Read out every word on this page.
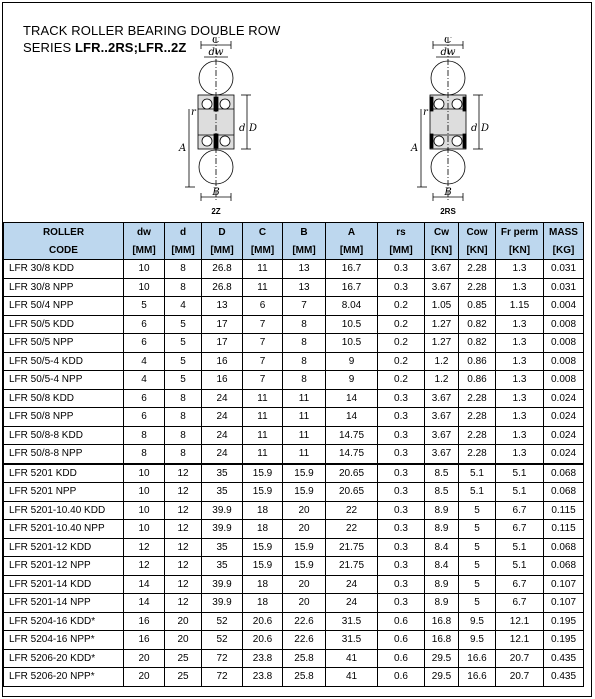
TRACK ROLLER BEARING DOUBLE ROW
SERIES LFR..2RS;LFR..2Z	C
dw
r
d D
A
B
2Z
C
dw
r
d D
A
B
2RS
ROLLER	dw	d	D	C	B	A	rs	Cw	Cow	Fr perm	MASS
CODE	[MM]	[MM]	[MM]	[MM]	[MM]	[MM]	[MM]	[KN]	[KN]	[KN]	[KG]
LFR 30/8 KDD	10	8	26.8	11	13	16.7	0.3	3.67	2.28	1.3	0.031
LFR 30/8 NPP	10	8	26.8	11	13	16.7	0.3	3.67	2.28	1.3	0.031
LFR 50/4 NPP	5	4	13	6	7	8.04	0.2	1.05	0.85	1.15	0.004
LFR 50/5 KDD	6	5	17	7	8	10.5	0.2	1.27	0.82	1.3	0.008
LFR 50/5 NPP	6	5	17	7	8	10.5	0.2	1.27	0.82	1.3	0.008
LFR 50/5-4 KDD	4	5	16	7	8	9	0.2	1.2	0.86	1.3	0.008
LFR 50/5-4 NPP	4	5	16	7	8	9	0.2	1.2	0.86	1.3	0.008
LFR 50/8 KDD	6	8	24	11	11	14	0.3	3.67	2.28	1.3	0.024
LFR 50/8 NPP	6	8	24	11	11	14	0.3	3.67	2.28	1.3	0.024
LFR 50/8-8 KDD	8	8	24	11	11	14.75	0.3	3.67	2.28	1.3	0.024
LFR 50/8-8 NPP	8	8	24	11	11	14.75	0.3	3.67	2.28	1.3	0.024
LFR 5201 KDD	10	12	35	15.9	15.9	20.65	0.3	8.5	5.1	5.1	0.068
LFR 5201 NPP	10	12	35	15.9	15.9	20.65	0.3	8.5	5.1	5.1	0.068
LFR 5201-10.40 KDD	10	12	39.9	18	20	22	0.3	8.9	5	6.7	0.115
LFR 5201-10.40 NPP	10	12	39.9	18	20	22	0.3	8.9	5	6.7	0.115
LFR 5201-12 KDD	12	12	35	15.9	15.9	21.75	0.3	8.4	5	5.1	0.068
LFR 5201-12 NPP	12	12	35	15.9	15.9	21.75	0.3	8.4	5	5.1	0.068
LFR 5201-14 KDD	14	12	39.9	18	20	24	0.3	8.9	5	6.7	0.107
LFR 5201-14 NPP	14	12	39.9	18	20	24	0.3	8.9	5	6.7	0.107
LFR 5204-16 KDD*	16	20	52	20.6	22.6	31.5	0.6	16.8	9.5	12.1	0.195
LFR 5204-16 NPP*	16	20	52	20.6	22.6	31.5	0.6	16.8	9.5	12.1	0.195
LFR 5206-20 KDD*	20	25	72	23.8	25.8	41	0.6	29.5	16.6	20.7	0.435
LFR 5206-20 NPP*	20	25	72	23.8	25.8	41	0.6	29.5	16.6	20.7	0.435
